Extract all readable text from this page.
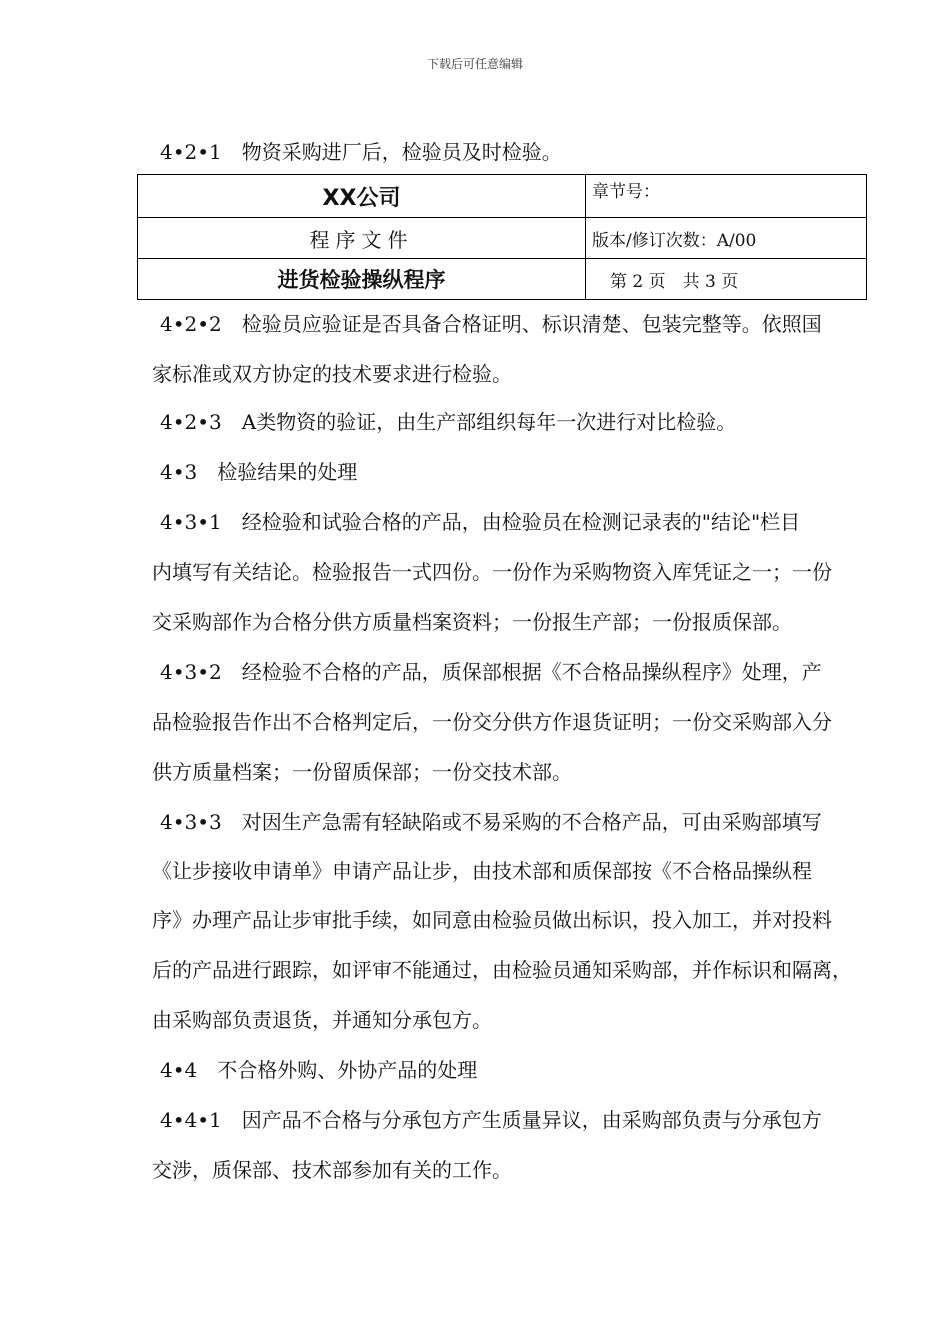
下载后可任意编辑
4•2•1　物资采购进厂后，检验员及时检验。
XX公司	章节号：
程序文件	版本/修订次数：A/00
进货检验操纵程序	第 2 页　共 3 页
4•2•2　检验员应验证是否具备合格证明、标识清楚、包装完整等。依照国
家标准或双方协定的技术要求进行检验。
4•2•3　A类物资的验证，由生产部组织每年一次进行对比检验。
4•3　检验结果的处理
4•3•1　经检验和试验合格的产品，由检验员在检测记录表的"结论"栏目
内填写有关结论。检验报告一式四份。一份作为采购物资入库凭证之一；一份
交采购部作为合格分供方质量档案资料；一份报生产部；一份报质保部。
4•3•2　经检验不合格的产品，质保部根据《不合格品操纵程序》处理，产
品检验报告作出不合格判定后，一份交分供方作退货证明；一份交采购部入分
供方质量档案；一份留质保部；一份交技术部。
4•3•3　对因生产急需有轻缺陷或不易采购的不合格产品，可由采购部填写
《让步接收申请单》申请产品让步，由技术部和质保部按《不合格品操纵程
序》办理产品让步审批手续，如同意由检验员做出标识，投入加工，并对投料
后的产品进行跟踪，如评审不能通过，由检验员通知采购部，并作标识和隔离，
由采购部负责退货，并通知分承包方。
4•4　不合格外购、外协产品的处理
4•4•1　因产品不合格与分承包方产生质量异议，由采购部负责与分承包方
交涉，质保部、技术部参加有关的工作。
